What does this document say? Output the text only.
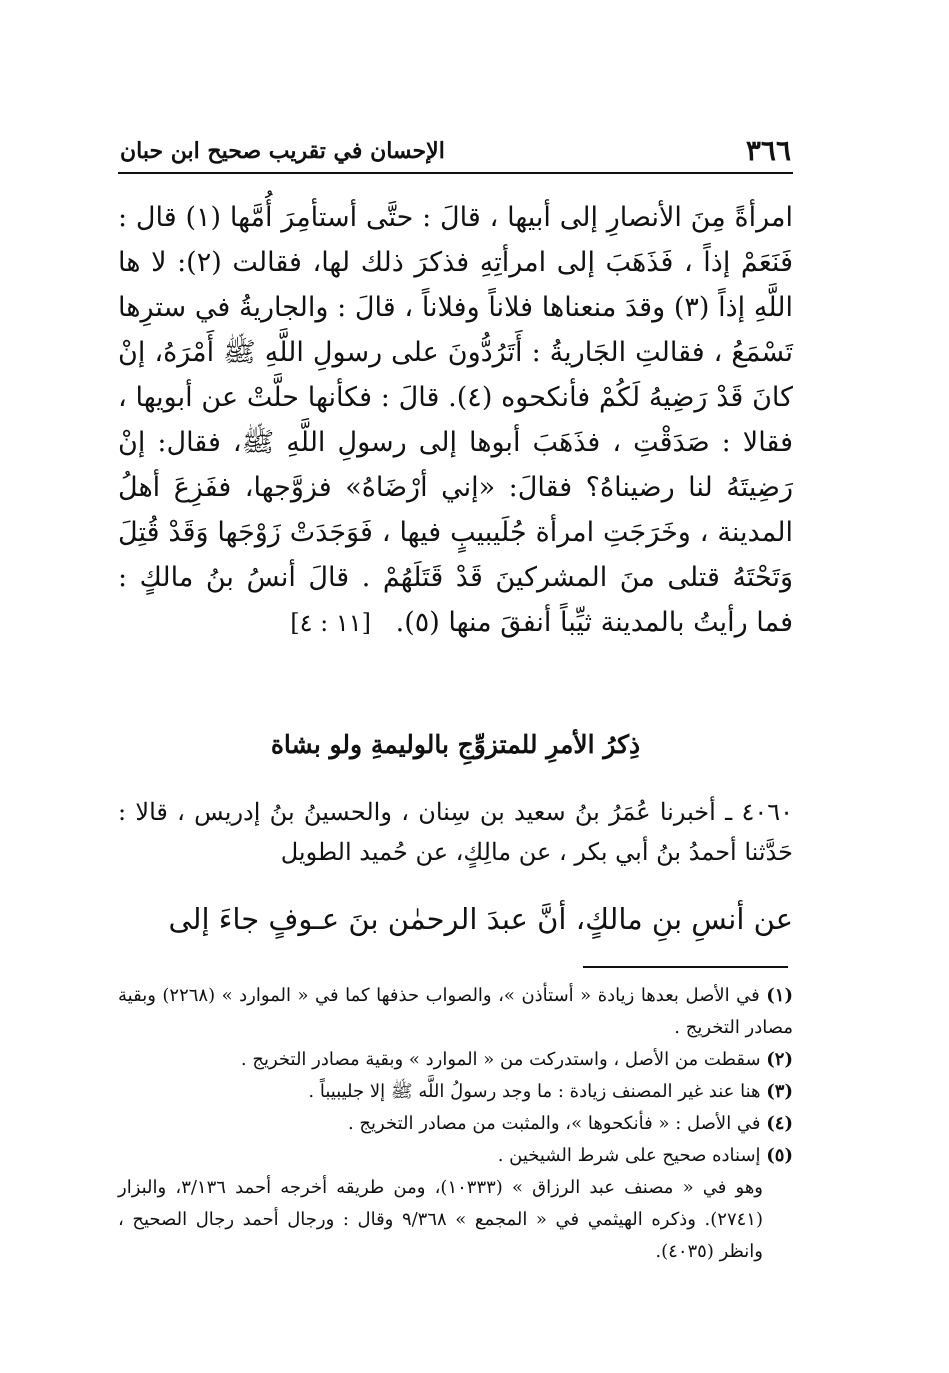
٣٦٦
الإحسان في تقريب صحيح ابن حبان

امرأةً مِنَ الأنصارِ إلى أبيها ، قالَ : حتَّى أستأمِرَ أُمَّها (١) قال : فَنَعَمْ إذاً ، فَذَهَبَ إلى امرأتِهِ فذكرَ ذلك لها، فقالت (٢): لا ها اللَّهِ إذاً (٣) وقدَ منعناها فلاناً وفلاناً ، قالَ : والجاريةُ في سترِها تَسْمَعُ ، فقالتِ الجَاريةُ : أَتَرُدُّونَ على رسولِ اللَّهِ ﷺ أَمْرَهُ، إنْ كانَ قَدْ رَضِيهُ لَكُمْ فأنكحوه (٤). قالَ : فكأنها حلَّتْ عن أبويها ، فقالا : صَدَقْتِ ، فذَهَبَ أبوها إلى رسولِ اللَّهِ ﷺ، فقال: إنْ رَضِيتَهُ لنا رضيناهُ؟ فقالَ: «إني أرْضَاهُ» فزوَّجها، ففَزِعَ أهلُ المدينة ، وخَرَجَتِ امرأة جُلَيبيبٍ فيها ، فَوَجَدَتْ زَوْجَها وَقَدْ قُتِلَ وَتَحْتَهُ قتلى منَ المشركينَ قَدْ قَتَلَهُمْ . قالَ أنسُ بنُ مالكٍ : فما رأيتُ بالمدينة ثيِّباً أنفقَ منها (٥). [١١ : ٤]

ذِكرُ الأمرِ للمتزوِّجِ بالوليمةِ ولو بشاة

٤٠٦٠ ـ أخبرنا عُمَرُ بنُ سعيد بن سِنان ، والحسينُ بنُ إدريس ، قالا : حَدَّثنا أحمدُ بنُ أبي بكر ، عن مالِكٍ، عن حُميد الطويل

عن أنسِ بنِ مالكٍ، أنَّ عبدَ الرحمٰن بنَ عـوفٍ جاءَ إلى

(١) في الأصل بعدها زيادة « أستأذن »، والصواب حذفها كما في « الموارد » (٢٢٦٨) وبقية مصادر التخريج .

(٢) سقطت من الأصل ، واستدركت من « الموارد » وبقية مصادر التخريج .

(٣) هنا عند غير المصنف زيادة : ما وجد رسولُ اللَّه ﷺ إلا جليبيباً .

(٤) في الأصل : « فأنكحوها »، والمثبت من مصادر التخريج .

(٥) إسناده صحيح على شرط الشيخين .

وهو في « مصنف عبد الرزاق » (١٠٣٣٣)، ومن طريقه أخرجه أحمد ٣/١٣٦، والبزار (٢٧٤١). وذكره الهيثمي في « المجمع » ٩/٣٦٨ وقال : ورجال أحمد رجال الصحيح ، وانظر (٤٠٣٥).
